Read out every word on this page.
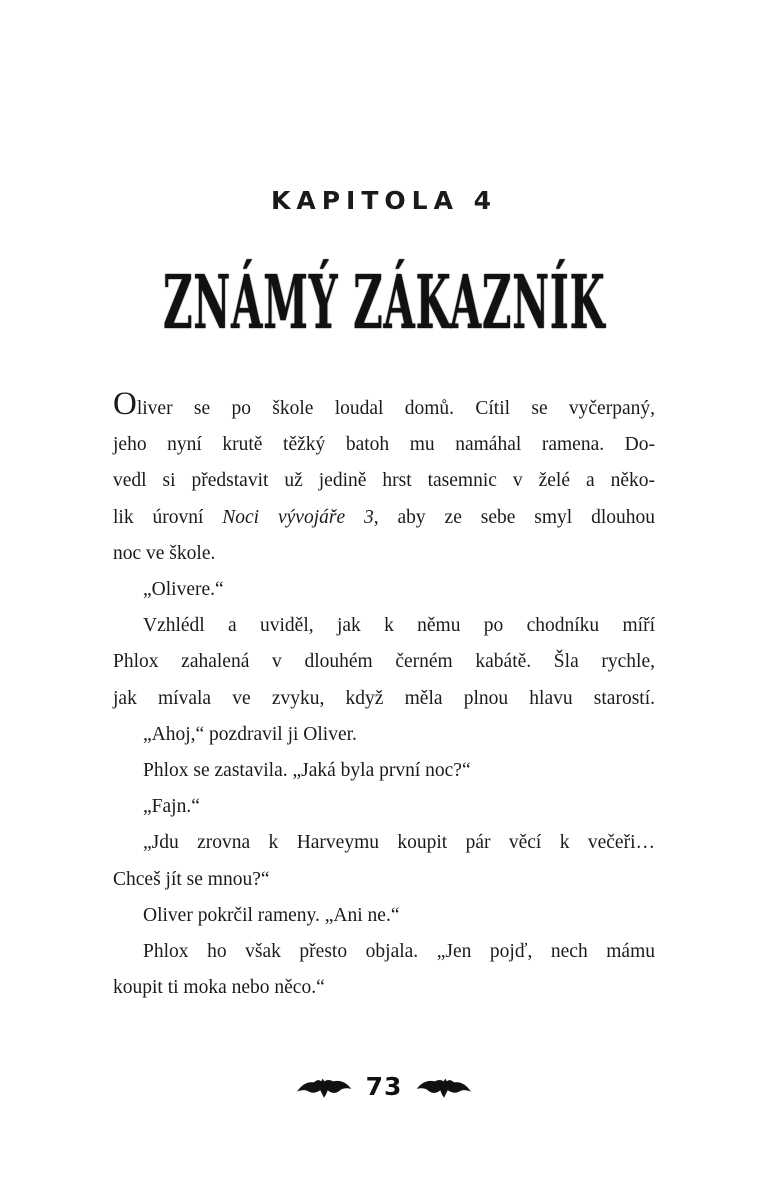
KAPITOLA 4
ZNÁMÝ ZÁKAZNÍK
Oliver se po škole loudal domů. Cítil se vyčerpaný,
jeho nyní krutě těžký batoh mu namáhal ramena. Do-
vedl si představit už jedině hrst tasemnic v želé a něko-
lik úrovní Noci vývojáře 3, aby ze sebe smyl dlouhou
noc ve škole.
„Olivere.“
Vzhlédl a uviděl, jak k němu po chodníku míří
Phlox zahalená v dlouhém černém kabátě. Šla rychle,
jak mívala ve zvyku, když měla plnou hlavu starostí.
„Ahoj,“ pozdravil ji Oliver.
Phlox se zastavila. „Jaká byla první noc?“
„Fajn.“
„Jdu zrovna k Harveymu koupit pár věcí k večeři…
Chceš jít se mnou?“
Oliver pokrčil rameny. „Ani ne.“
Phlox ho však přesto objala. „Jen pojď, nech mámu
koupit ti moka nebo něco.“
73
